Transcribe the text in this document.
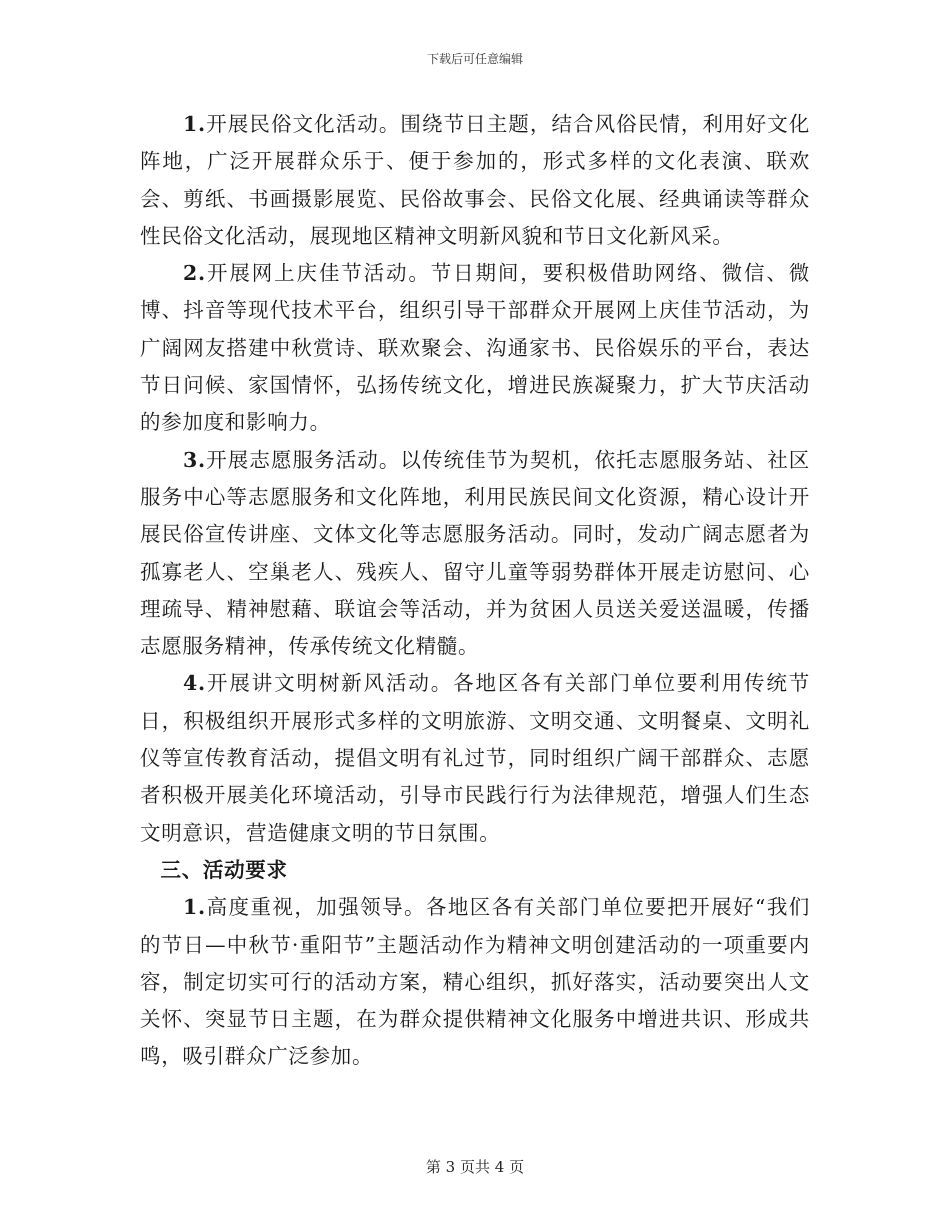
下载后可任意编辑

1.开展民俗文化活动。围绕节日主题，结合风俗民情，利用好文化阵地，广泛开展群众乐于、便于参加的，形式多样的文化表演、联欢会、剪纸、书画摄影展览、民俗故事会、民俗文化展、经典诵读等群众性民俗文化活动，展现地区精神文明新风貌和节日文化新风采。

2.开展网上庆佳节活动。节日期间，要积极借助网络、微信、微博、抖音等现代技术平台，组织引导干部群众开展网上庆佳节活动，为广阔网友搭建中秋赏诗、联欢聚会、沟通家书、民俗娱乐的平台，表达节日问候、家国情怀，弘扬传统文化，增进民族凝聚力，扩大节庆活动的参加度和影响力。

3.开展志愿服务活动。以传统佳节为契机，依托志愿服务站、社区服务中心等志愿服务和文化阵地，利用民族民间文化资源，精心设计开展民俗宣传讲座、文体文化等志愿服务活动。同时，发动广阔志愿者为孤寡老人、空巢老人、残疾人、留守儿童等弱势群体开展走访慰问、心理疏导、精神慰藉、联谊会等活动，并为贫困人员送关爱送温暖，传播志愿服务精神，传承传统文化精髓。

4.开展讲文明树新风活动。各地区各有关部门单位要利用传统节日，积极组织开展形式多样的文明旅游、文明交通、文明餐桌、文明礼仪等宣传教育活动，提倡文明有礼过节，同时组织广阔干部群众、志愿者积极开展美化环境活动，引导市民践行行为法律规范，增强人们生态文明意识，营造健康文明的节日氛围。

三、活动要求

1.高度重视，加强领导。各地区各有关部门单位要把开展好“我们的节日—中秋节·重阳节”主题活动作为精神文明创建活动的一项重要内容，制定切实可行的活动方案，精心组织，抓好落实，活动要突出人文关怀、突显节日主题，在为群众提供精神文化服务中增进共识、形成共鸣，吸引群众广泛参加。

第 3 页共 4 页
